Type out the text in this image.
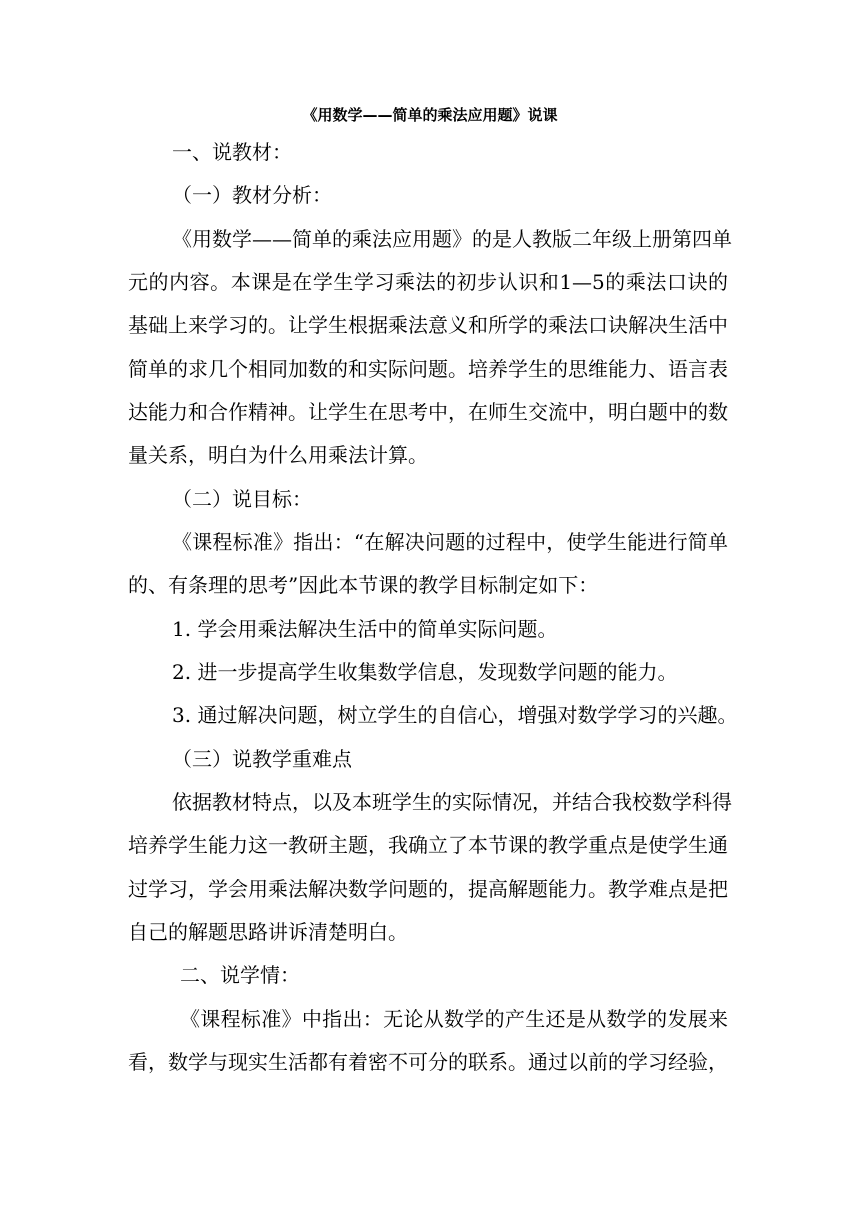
《用数学——简单的乘法应用题》说课

一、说教材：

（一）教材分析：

《用数学——简单的乘法应用题》的是人教版二年级上册第四单

元的内容。本课是在学生学习乘法的初步认识和1—5的乘法口诀的

基础上来学习的。让学生根据乘法意义和所学的乘法口诀解决生活中

简单的求几个相同加数的和实际问题。培养学生的思维能力、语言表

达能力和合作精神。让学生在思考中，在师生交流中，明白题中的数

量关系，明白为什么用乘法计算。

（二）说目标：

《课程标准》指出：“在解决问题的过程中，使学生能进行简单

的、有条理的思考”因此本节课的教学目标制定如下：

1. 学会用乘法解决生活中的简单实际问题。

2. 进一步提高学生收集数学信息，发现数学问题的能力。

3. 通过解决问题，树立学生的自信心，增强对数学学习的兴趣。

（三）说教学重难点

依据教材特点，以及本班学生的实际情况，并结合我校数学科得

培养学生能力这一教研主题，我确立了本节课的教学重点是使学生通

过学习，学会用乘法解决数学问题的，提高解题能力。教学难点是把

自己的解题思路讲诉清楚明白。

二、说学情：

《课程标准》中指出：无论从数学的产生还是从数学的发展来

看，数学与现实生活都有着密不可分的联系。通过以前的学习经验，
